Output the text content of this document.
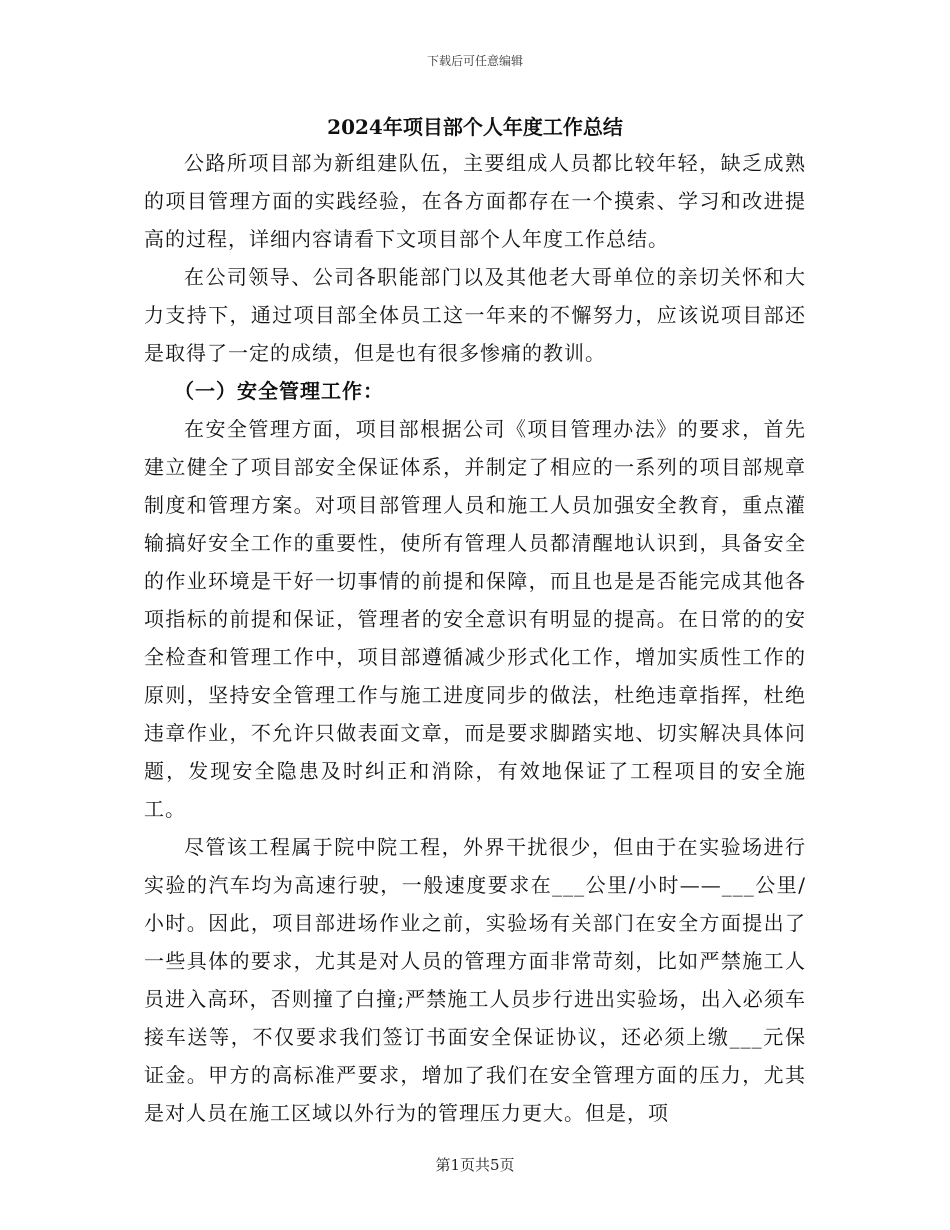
下载后可任意编辑
2024年项目部个人年度工作总结

公路所项目部为新组建队伍，主要组成人员都比较年轻，缺乏成熟的项目管理方面的实践经验，在各方面都存在一个摸索、学习和改进提高的过程，详细内容请看下文项目部个人年度工作总结。

在公司领导、公司各职能部门以及其他老大哥单位的亲切关怀和大力支持下，通过项目部全体员工这一年来的不懈努力，应该说项目部还是取得了一定的成绩，但是也有很多惨痛的教训。

（一）安全管理工作：

在安全管理方面，项目部根据公司《项目管理办法》的要求，首先建立健全了项目部安全保证体系，并制定了相应的一系列的项目部规章制度和管理方案。对项目部管理人员和施工人员加强安全教育，重点灌输搞好安全工作的重要性，使所有管理人员都清醒地认识到，具备安全的作业环境是干好一切事情的前提和保障，而且也是是否能完成其他各项指标的前提和保证，管理者的安全意识有明显的提高。在日常的的安全检查和管理工作中，项目部遵循减少形式化工作，增加实质性工作的原则，坚持安全管理工作与施工进度同步的做法，杜绝违章指挥，杜绝违章作业，不允许只做表面文章，而是要求脚踏实地、切实解决具体问题，发现安全隐患及时纠正和消除，有效地保证了工程项目的安全施工。

尽管该工程属于院中院工程，外界干扰很少，但由于在实验场进行实验的汽车均为高速行驶，一般速度要求在___公里/小时——___公里/小时。因此，项目部进场作业之前，实验场有关部门在安全方面提出了一些具体的要求，尤其是对人员的管理方面非常苛刻，比如严禁施工人员进入高环，否则撞了白撞;严禁施工人员步行进出实验场，出入必须车接车送等，不仅要求我们签订书面安全保证协议，还必须上缴___元保证金。甲方的高标准严要求，增加了我们在安全管理方面的压力，尤其是对人员在施工区域以外行为的管理压力更大。但是，项

第1页共5页
